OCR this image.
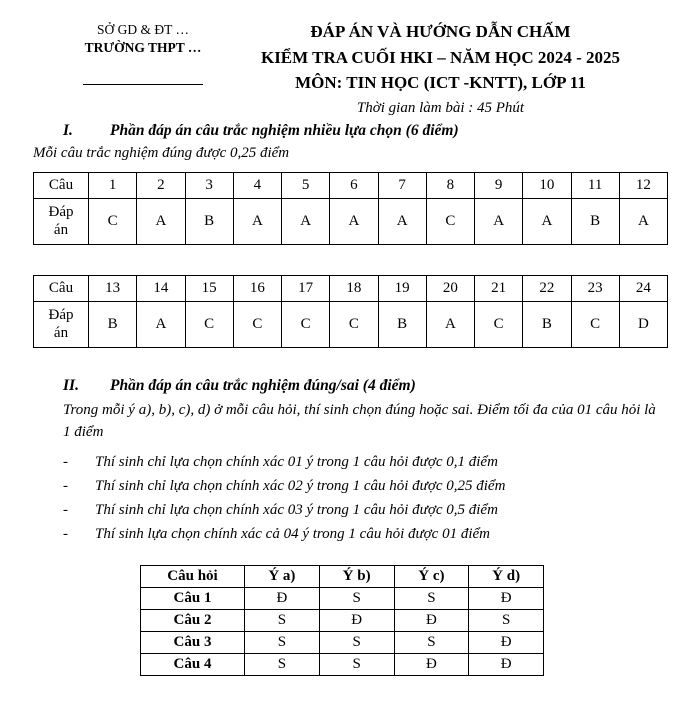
SỞ GD & ĐT …
TRƯỜNG THPT …
ĐÁP ÁN VÀ HƯỚNG DẪN CHẤM
KIỂM TRA CUỐI HKI – NĂM HỌC 2024 - 2025
MÔN: TIN HỌC (ICT -KNTT), LỚP 11
Thời gian làm bài : 45 Phút
I. Phần đáp án câu trắc nghiệm nhiều lựa chọn (6 điểm)
Mỗi câu trắc nghiệm đúng được 0,25 điểm
Câu	1	2	3	4	5	6	7	8	9	10	11	12

Đáp án	C	A	B	A	A	A	A	C	A	A	B	A
Câu	13	14	15	16	17	18	19	20	21	22	23	24

Đáp án	B	A	C	C	C	C	B	A	C	B	C	D
II. Phần đáp án câu trắc nghiệm đúng/sai (4 điểm)
Trong mỗi ý a), b), c), d) ở mỗi câu hỏi, thí sinh chọn đúng hoặc sai. Điểm tối đa của 01 câu hỏi là 1 điểm
- Thí sinh chỉ lựa chọn chính xác 01 ý trong 1 câu hỏi được 0,1 điểm
- Thí sinh chỉ lựa chọn chính xác 02 ý trong 1 câu hỏi được 0,25 điểm
- Thí sinh chỉ lựa chọn chính xác 03 ý trong 1 câu hỏi được 0,5 điểm
- Thí sinh lựa chọn chính xác cả 04 ý trong 1 câu hỏi được 01 điểm
Câu hỏi	Ý a)	Ý b)	Ý c)	Ý d)
Câu 1	Đ	S	S	Đ
Câu 2	S	Đ	Đ	S
Câu 3	S	S	S	Đ
Câu 4	S	S	Đ	Đ
